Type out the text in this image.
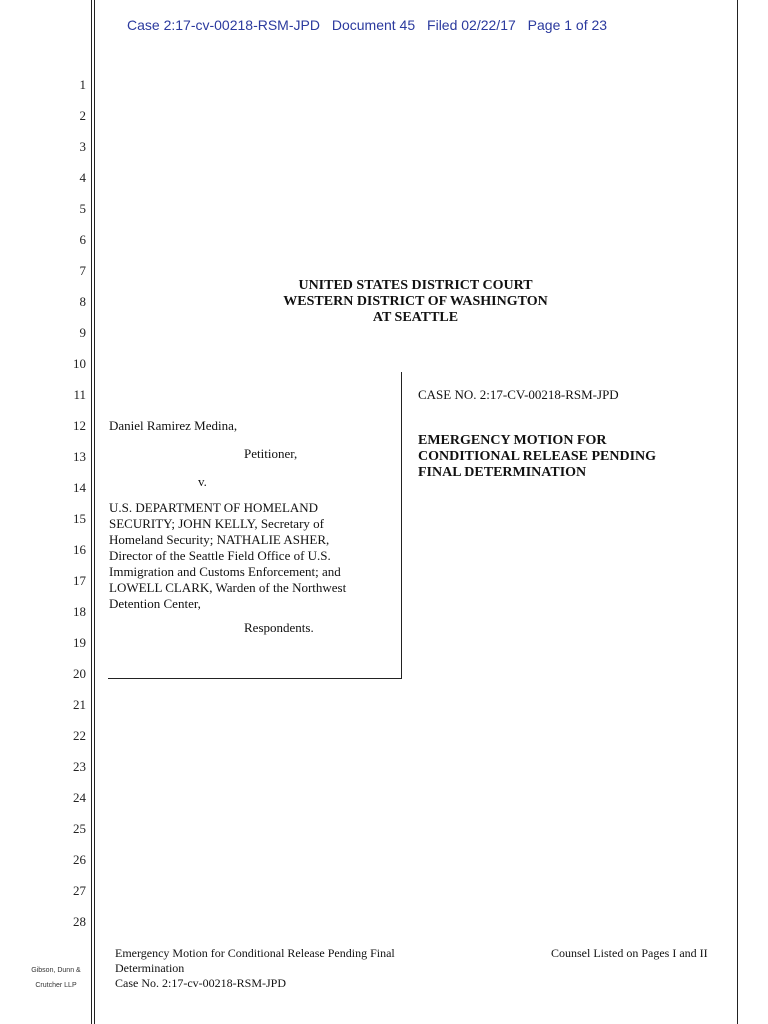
Case 2:17-cv-00218-RSM-JPD Document 45 Filed 02/22/17 Page 1 of 23
1
2
3
4
5
6
7
8
9
10
11
12
13
14
15
16
17
18
19
20
21
22
23
24
25
26
27
28
UNITED STATES DISTRICT COURT
WESTERN DISTRICT OF WASHINGTON
AT SEATTLE
Daniel Ramirez Medina,
Petitioner,
v.
U.S. DEPARTMENT OF HOMELAND
SECURITY; JOHN KELLY, Secretary of
Homeland Security; NATHALIE ASHER,
Director of the Seattle Field Office of U.S.
Immigration and Customs Enforcement; and
LOWELL CLARK, Warden of the Northwest
Detention Center,
Respondents.
CASE NO. 2:17-CV-00218-RSM-JPD
EMERGENCY MOTION FOR
CONDITIONAL RELEASE PENDING
FINAL DETERMINATION
Emergency Motion for Conditional Release Pending Final
Determination
Case No. 2:17-cv-00218-RSM-JPD
Counsel Listed on Pages I and II
Gibson, Dunn &
Crutcher LLP
